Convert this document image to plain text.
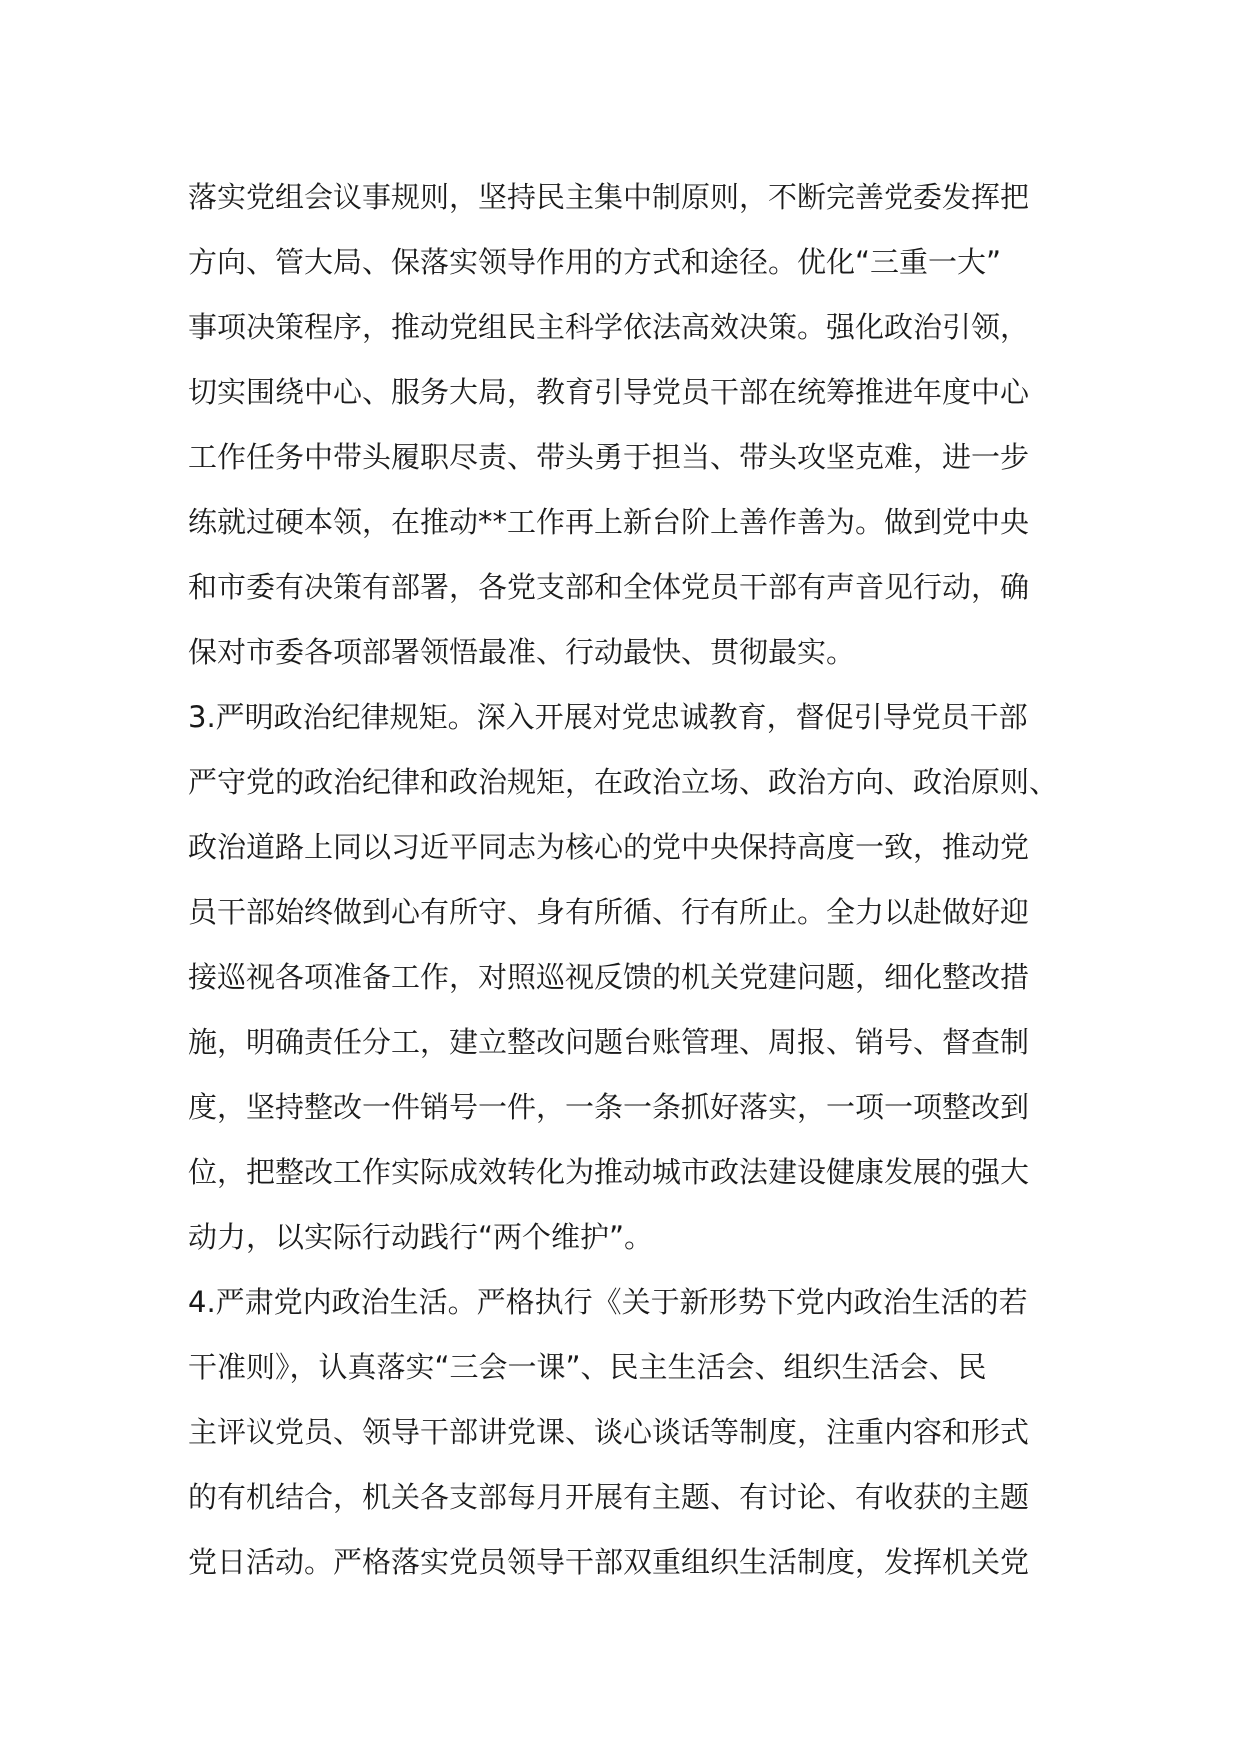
落实党组会议事规则，坚持民主集中制原则，不断完善党委发挥把
方向、管大局、保落实领导作用的方式和途径。优化“三重一大”
事项决策程序，推动党组民主科学依法高效决策。强化政治引领，
切实围绕中心、服务大局，教育引导党员干部在统筹推进年度中心
工作任务中带头履职尽责、带头勇于担当、带头攻坚克难，进一步
练就过硬本领，在推动**工作再上新台阶上善作善为。做到党中央
和市委有决策有部署，各党支部和全体党员干部有声音见行动，确
保对市委各项部署领悟最准、行动最快、贯彻最实。
3.严明政治纪律规矩。深入开展对党忠诚教育，督促引导党员干部
严守党的政治纪律和政治规矩，在政治立场、政治方向、政治原则、
政治道路上同以习近平同志为核心的党中央保持高度一致，推动党
员干部始终做到心有所守、身有所循、行有所止。全力以赴做好迎
接巡视各项准备工作，对照巡视反馈的机关党建问题，细化整改措
施，明确责任分工，建立整改问题台账管理、周报、销号、督查制
度，坚持整改一件销号一件，一条一条抓好落实，一项一项整改到
位，把整改工作实际成效转化为推动城市政法建设健康发展的强大
动力，以实际行动践行“两个维护”。
4.严肃党内政治生活。严格执行《关于新形势下党内政治生活的若
干准则》，认真落实“三会一课”、民主生活会、组织生活会、民
主评议党员、领导干部讲党课、谈心谈话等制度，注重内容和形式
的有机结合，机关各支部每月开展有主题、有讨论、有收获的主题
党日活动。严格落实党员领导干部双重组织生活制度，发挥机关党
